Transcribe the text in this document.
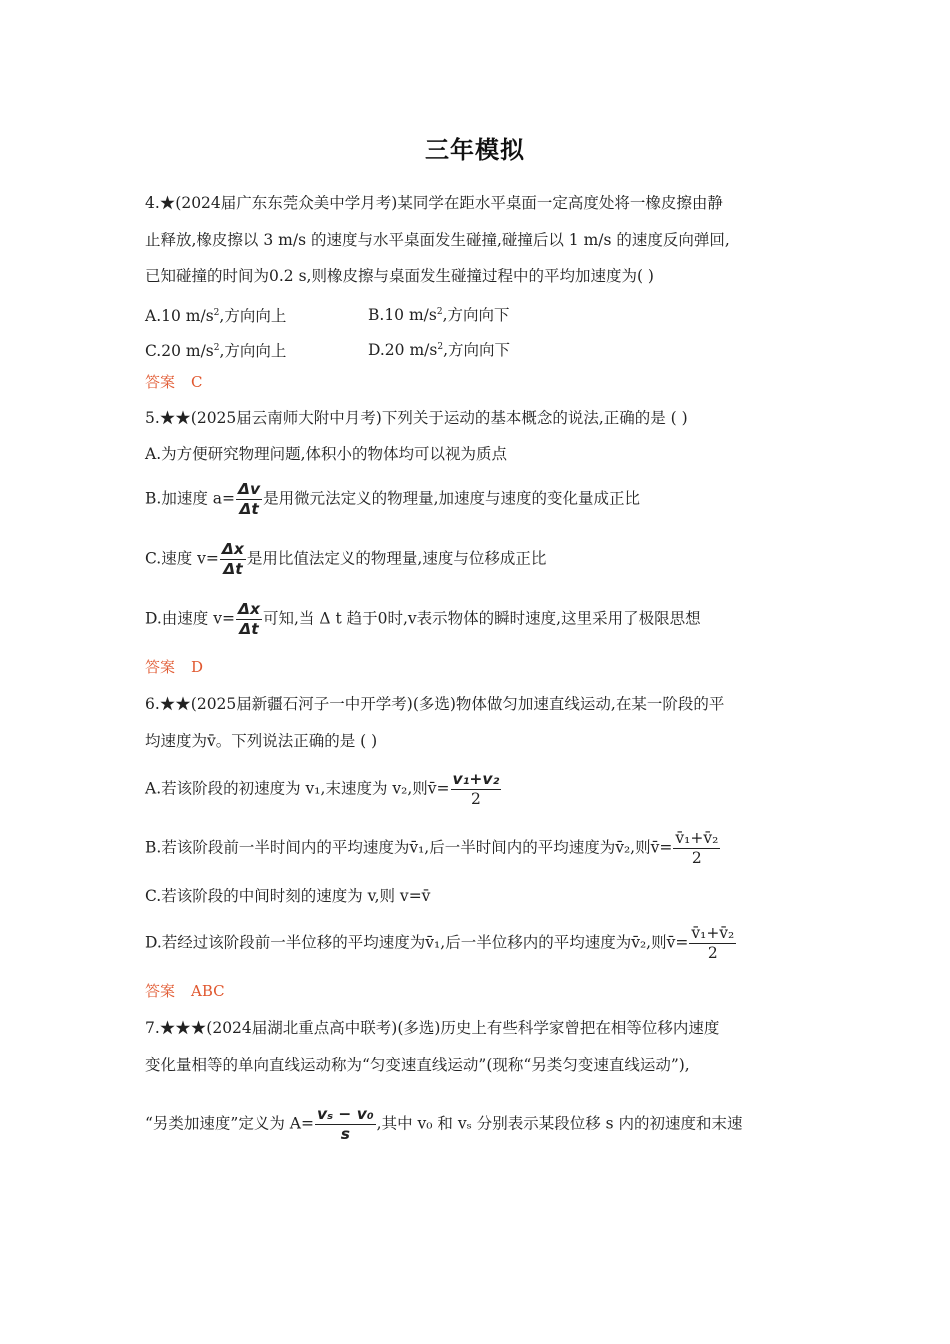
三年模拟
4.★(2024届广东东莞众美中学月考)某同学在距水平桌面一定高度处将一橡皮擦由静
止释放,橡皮擦以 3 m/s 的速度与水平桌面发生碰撞,碰撞后以 1 m/s 的速度反向弹回,
已知碰撞的时间为0.2 s,则橡皮擦与桌面发生碰撞过程中的平均加速度为( )
A.10 $m/s^2$,方向向上	B.10 $m/s^2$,方向向下
C.20 $m/s^2$,方向向上	D.20 $m/s^2$,方向向下
答案 C
5.★★(2025届云南师大附中月考)下列关于运动的基本概念的说法,正确的是 ( )
A.为方便研究物理问题,体积小的物体均可以视为质点
B.加速度 $a= \frac{\Delta v}{\Delta t}$ 是用微元法定义的物理量,加速度与速度的变化量成正比
C.速度 $v= \frac{\Delta x}{\Delta t}$ 是用比值法定义的物理量,速度与位移成正比
D.由速度 $v= \frac{\Delta x}{\Delta t}$ 可知,当 Δ t 趋于0时,v表示物体的瞬时速度,这里采用了极限思想
答案 D
6.★★(2025届新疆石河子一中开学考)(多选)物体做匀加速直线运动,在某一阶段的平
均速度为v̄。下列说法正确的是 ( )
A.若该阶段的初速度为 v₁,末速度为 v₂,则v̄= $\frac{\text{v₁+v₂}}{2}$
B.若该阶段前一半时间内的平均速度为v̄₁,后一半时间内的平均速度为v̄₂,则v̄= $\frac{\text{v̄₁+v̄₂}}{2}$
C.若该阶段的中间时刻的速度为 v,则 v=v̄
D.若经过该阶段前一半位移的平均速度为v̄₁,后一半位移内的平均速度为v̄₂,则v̄= $\frac{\text{v̄₁+v̄₂}}{2}$
答案 ABC
7.★★★(2024届湖北重点高中联考)(多选)历史上有些科学家曾把在相等位移内速度
变化量相等的单向直线运动称为“匀变速直线运动”(现称“另类匀变速直线运动”),
“另类加速度”定义为 $A= \frac{\text{vₛ − v₀}}{s}$ ,其中 v₀ 和 vₛ 分别表示某段位移 s 内的初速度和末速
